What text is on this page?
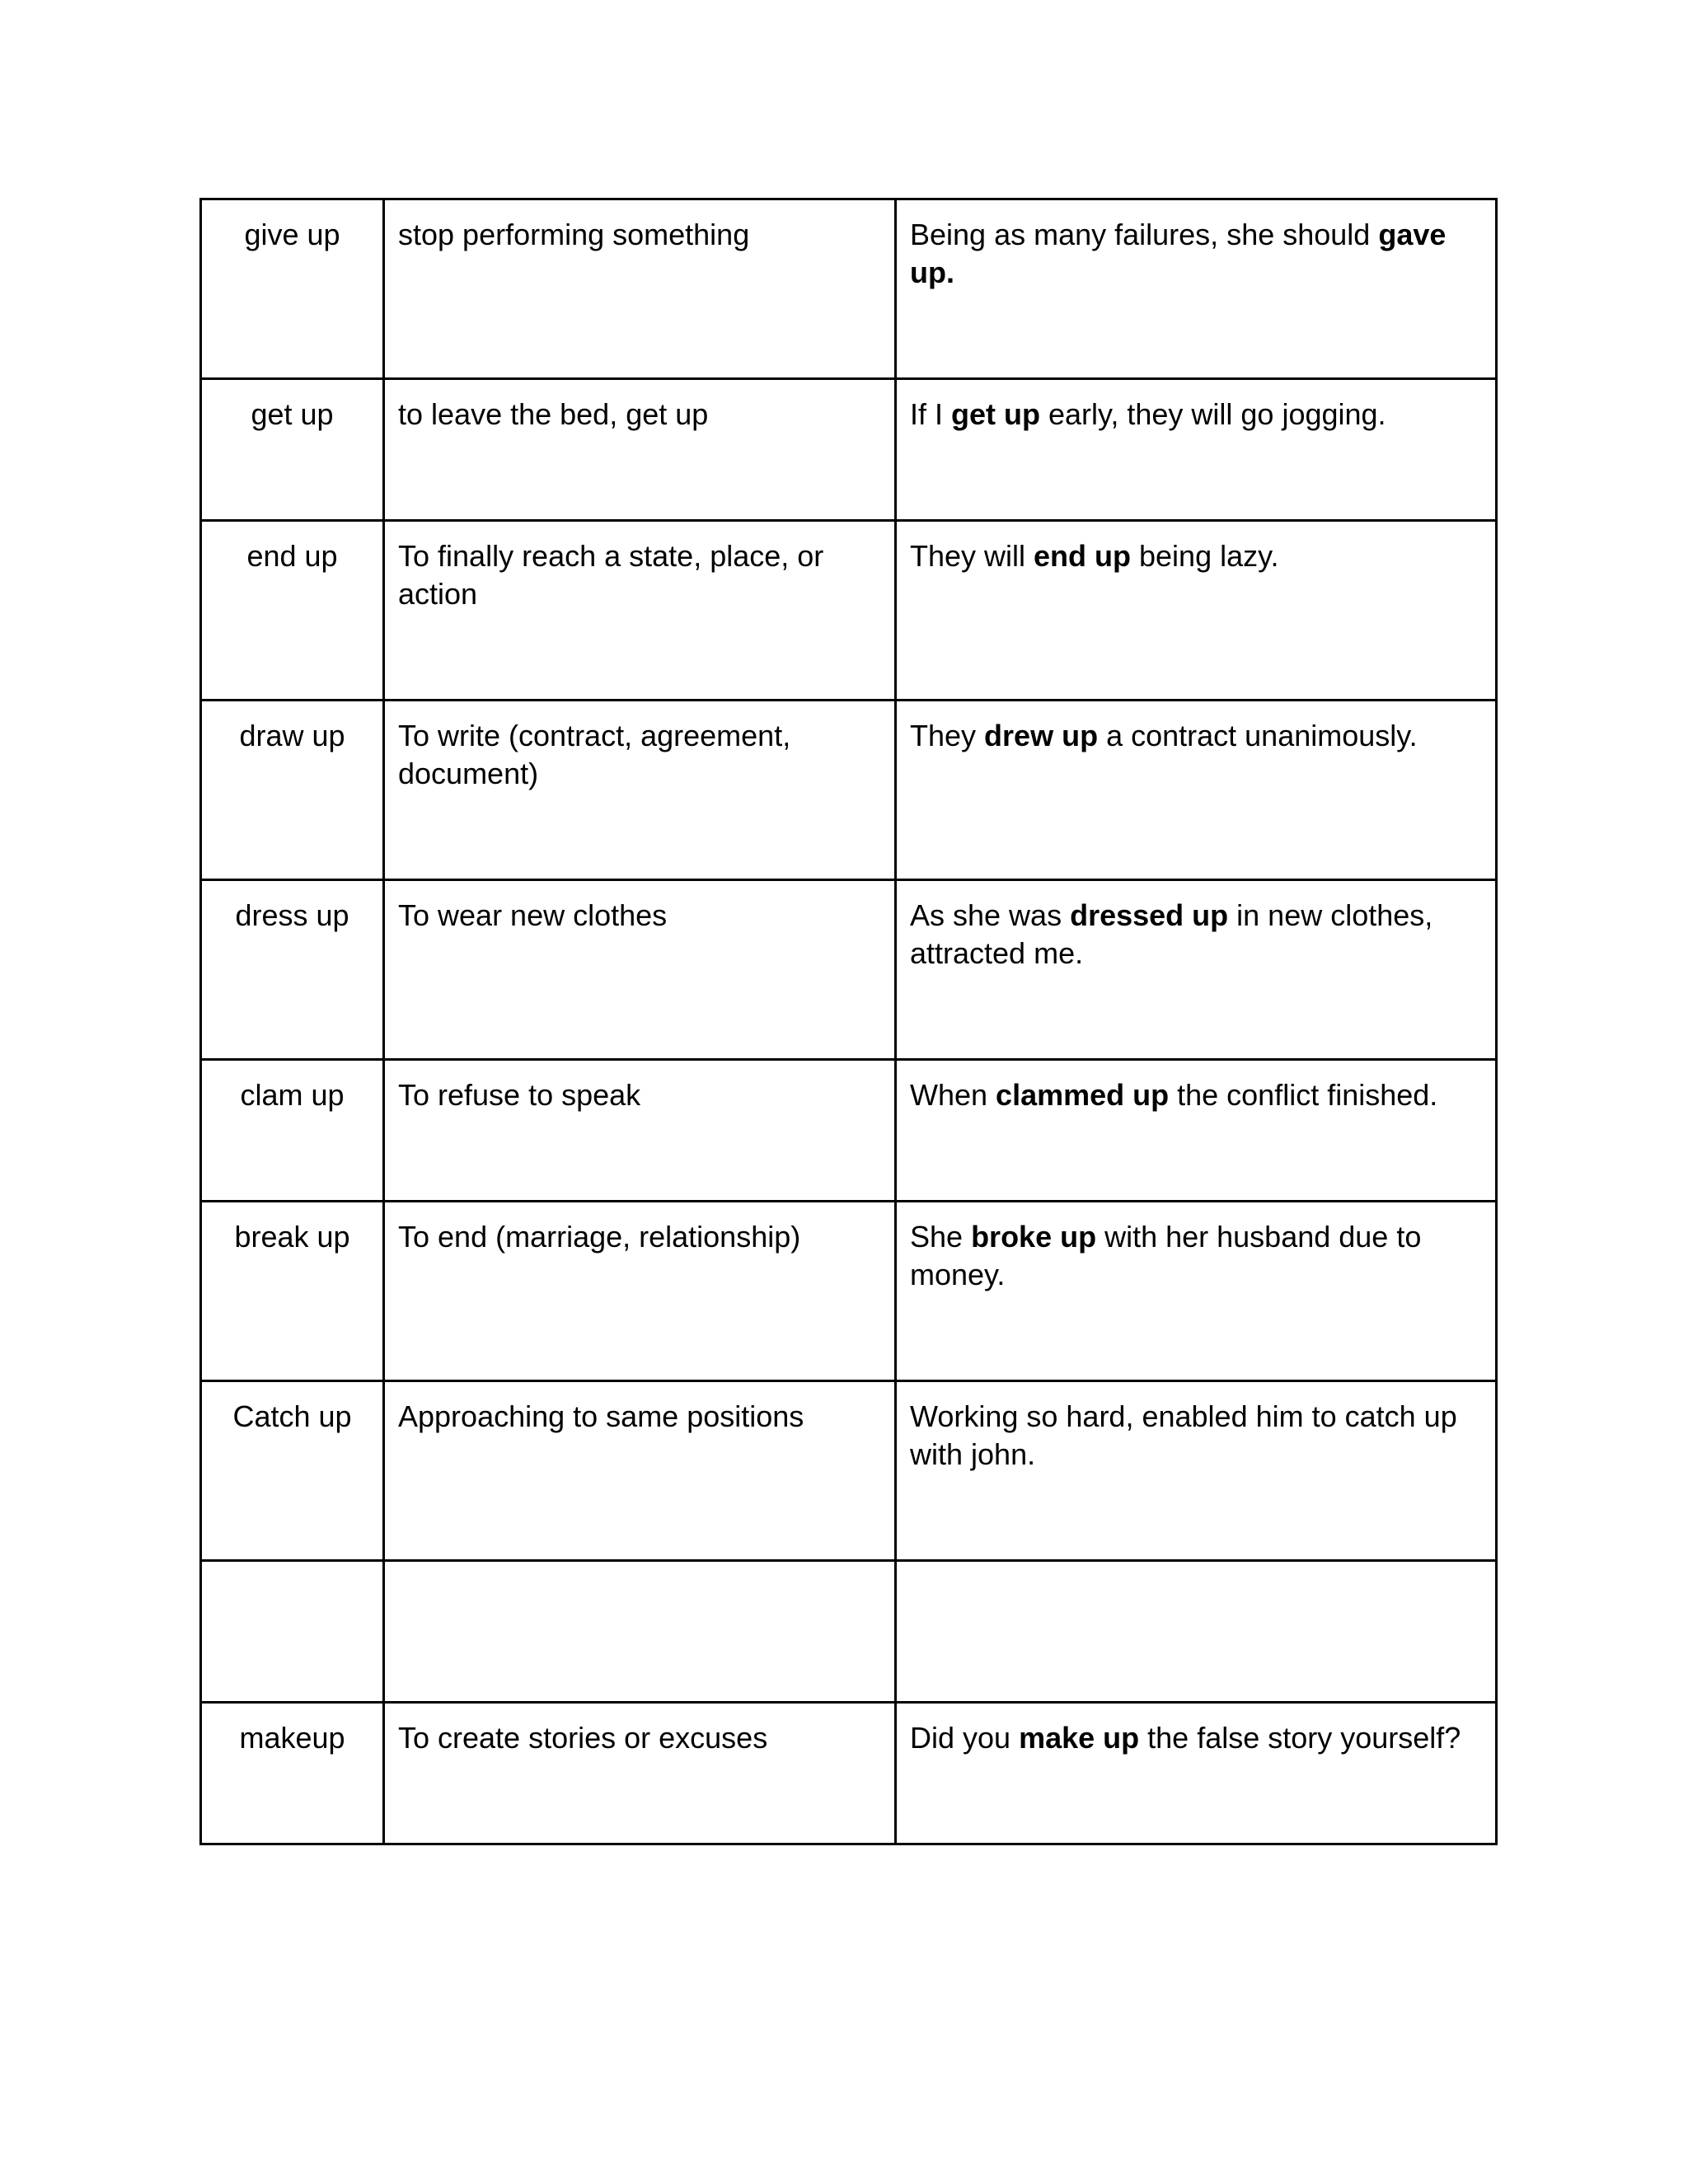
give up	stop performing something	Being as many failures, she should gave up.
get up	to leave the bed, get up	If I get up early, they will go jogging.
end up	To finally reach a state, place, or action	They will end up being lazy.
draw up	To write (contract, agreement, document)	They drew up a contract unanimously.
dress up	To wear new clothes	As she was dressed up in new clothes, attracted me.
clam up	To refuse to speak	When clammed up the conflict finished.
break up	To end (marriage, relationship)	She broke up with her husband due to money.
Catch up	Approaching to same positions	Working so hard, enabled him to catch up with john.

makeup	To create stories or excuses	Did you make up the false story yourself?
